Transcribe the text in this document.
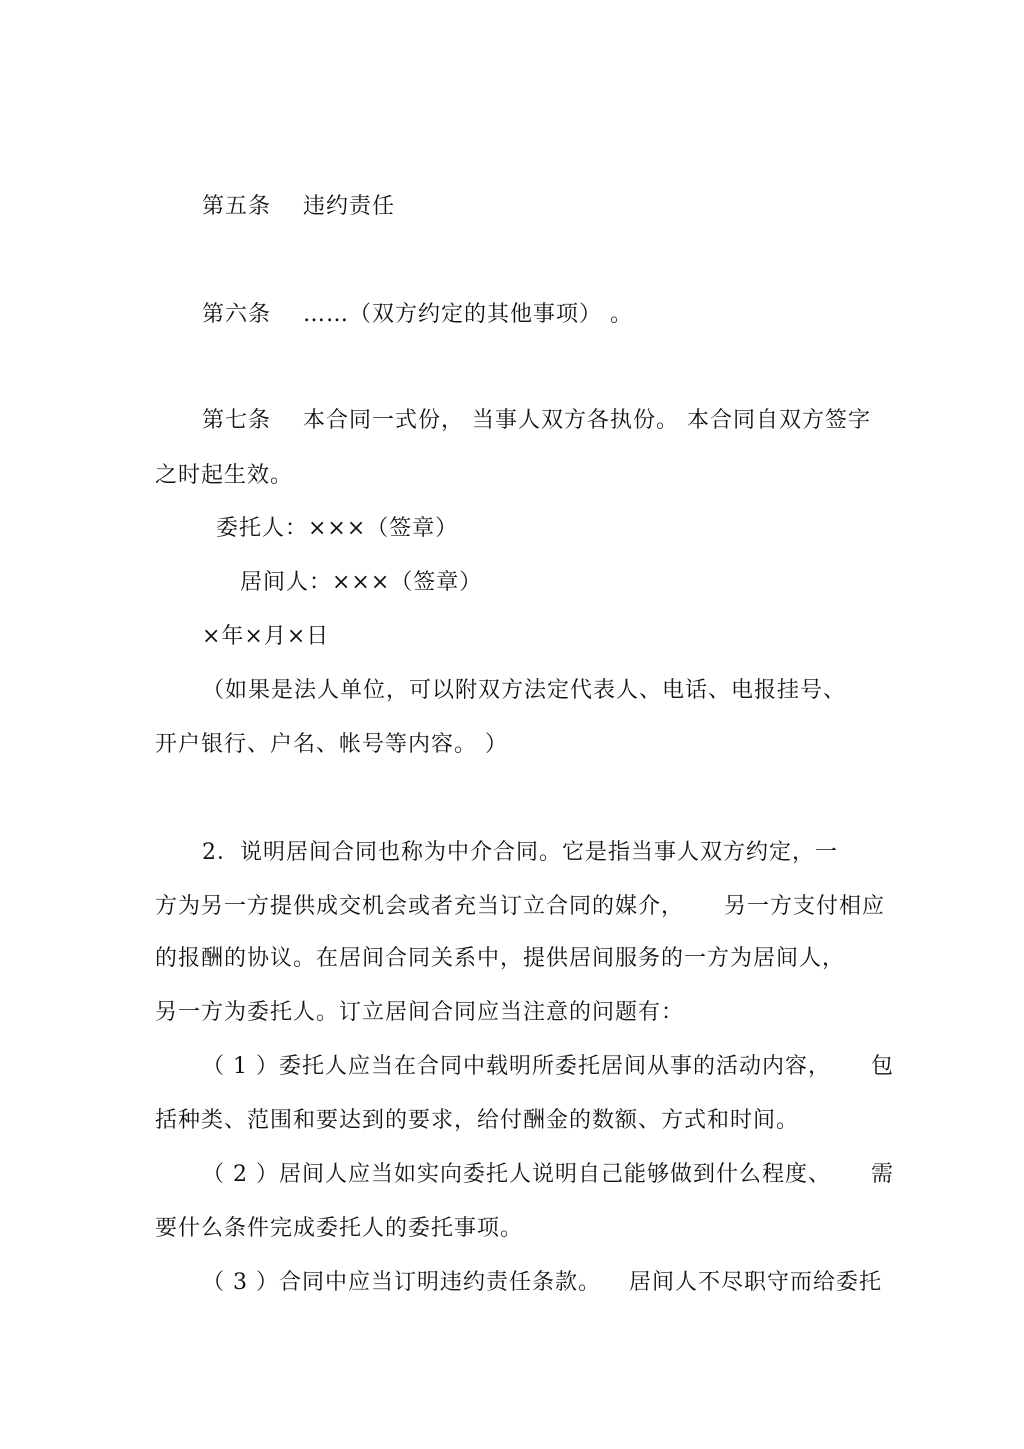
第五条 违约责任
第六条 ……（双方约定的其他事项） 。
第七条 本合同一式份， 当事人双方各执份。 本合同自双方签字
之时起生效。
委托人：×××（签章）
居间人：×××（签章）
×年×月×日
（如果是法人单位，可以附双方法定代表人、电话、电报挂号、
开户银行、户名、帐号等内容。 ）
2．说明居间合同也称为中介合同。它是指当事人双方约定，一
方为另一方提供成交机会或者充当订立合同的媒介， 另一方支付相应
的报酬的协议。在居间合同关系中，提供居间服务的一方为居间人，
另一方为委托人。订立居间合同应当注意的问题有：
（ 1 ）委托人应当在合同中载明所委托居间从事的活动内容， 包
括种类、范围和要达到的要求，给付酬金的数额、方式和时间。
（ 2 ）居间人应当如实向委托人说明自己能够做到什么程度、 需
要什么条件完成委托人的委托事项。
（ 3 ）合同中应当订明违约责任条款。 居间人不尽职守而给委托
